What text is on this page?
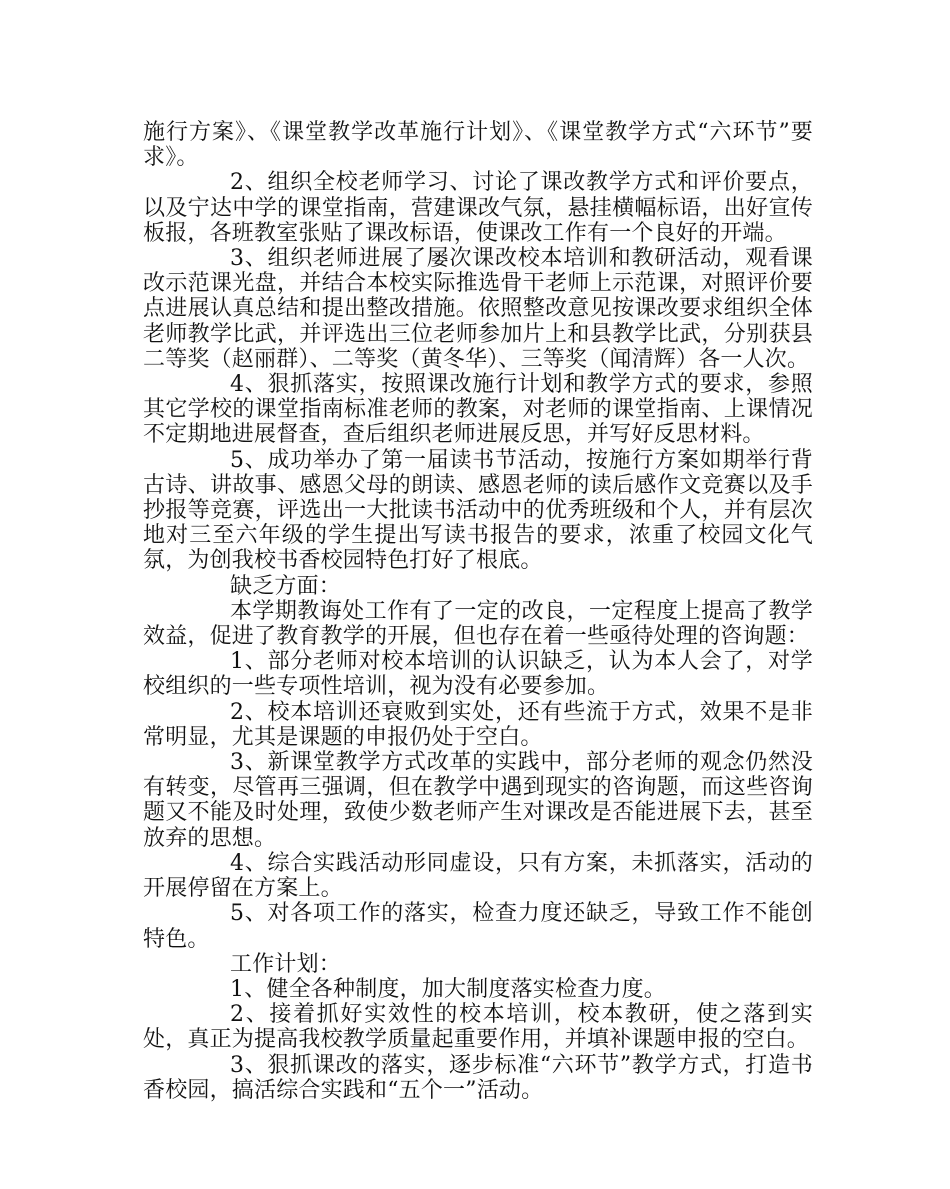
施行方案》、《课堂教学改革施行计划》、《课堂教学方式“六环节”要求》。

2、组织全校老师学习、讨论了课改教学方式和评价要点，以及宁达中学的课堂指南，营建课改气氛，悬挂横幅标语，出好宣传板报，各班教室张贴了课改标语，使课改工作有一个良好的开端。

3、组织老师进展了屡次课改校本培训和教研活动，观看课改示范课光盘，并结合本校实际推选骨干老师上示范课，对照评价要点进展认真总结和提出整改措施。依照整改意见按课改要求组织全体老师教学比武，并评选出三位老师参加片上和县教学比武，分别获县二等奖（赵丽群）、二等奖（黄冬华）、三等奖（闻清辉）各一人次。

4、狠抓落实，按照课改施行计划和教学方式的要求，参照其它学校的课堂指南标准老师的教案，对老师的课堂指南、上课情况不定期地进展督查，查后组织老师进展反思，并写好反思材料。

5、成功举办了第一届读书节活动，按施行方案如期举行背古诗、讲故事、感恩父母的朗读、感恩老师的读后感作文竞赛以及手抄报等竞赛，评选出一大批读书活动中的优秀班级和个人，并有层次地对三至六年级的学生提出写读书报告的要求，浓重了校园文化气氛，为创我校书香校园特色打好了根底。

缺乏方面：

本学期教诲处工作有了一定的改良，一定程度上提高了教学效益，促进了教育教学的开展，但也存在着一些亟待处理的咨询题：

1、部分老师对校本培训的认识缺乏，认为本人会了，对学校组织的一些专项性培训，视为没有必要参加。

2、校本培训还衰败到实处，还有些流于方式，效果不是非常明显，尤其是课题的申报仍处于空白。

3、新课堂教学方式改革的实践中，部分老师的观念仍然没有转变，尽管再三强调，但在教学中遇到现实的咨询题，而这些咨询题又不能及时处理，致使少数老师产生对课改是否能进展下去，甚至放弃的思想。

4、综合实践活动形同虚设，只有方案，未抓落实，活动的开展停留在方案上。

5、对各项工作的落实，检查力度还缺乏，导致工作不能创特色。

工作计划：

1、健全各种制度，加大制度落实检查力度。

2、接着抓好实效性的校本培训，校本教研，使之落到实处，真正为提高我校教学质量起重要作用，并填补课题申报的空白。

3、狠抓课改的落实，逐步标准“六环节”教学方式，打造书香校园，搞活综合实践和“五个一”活动。
